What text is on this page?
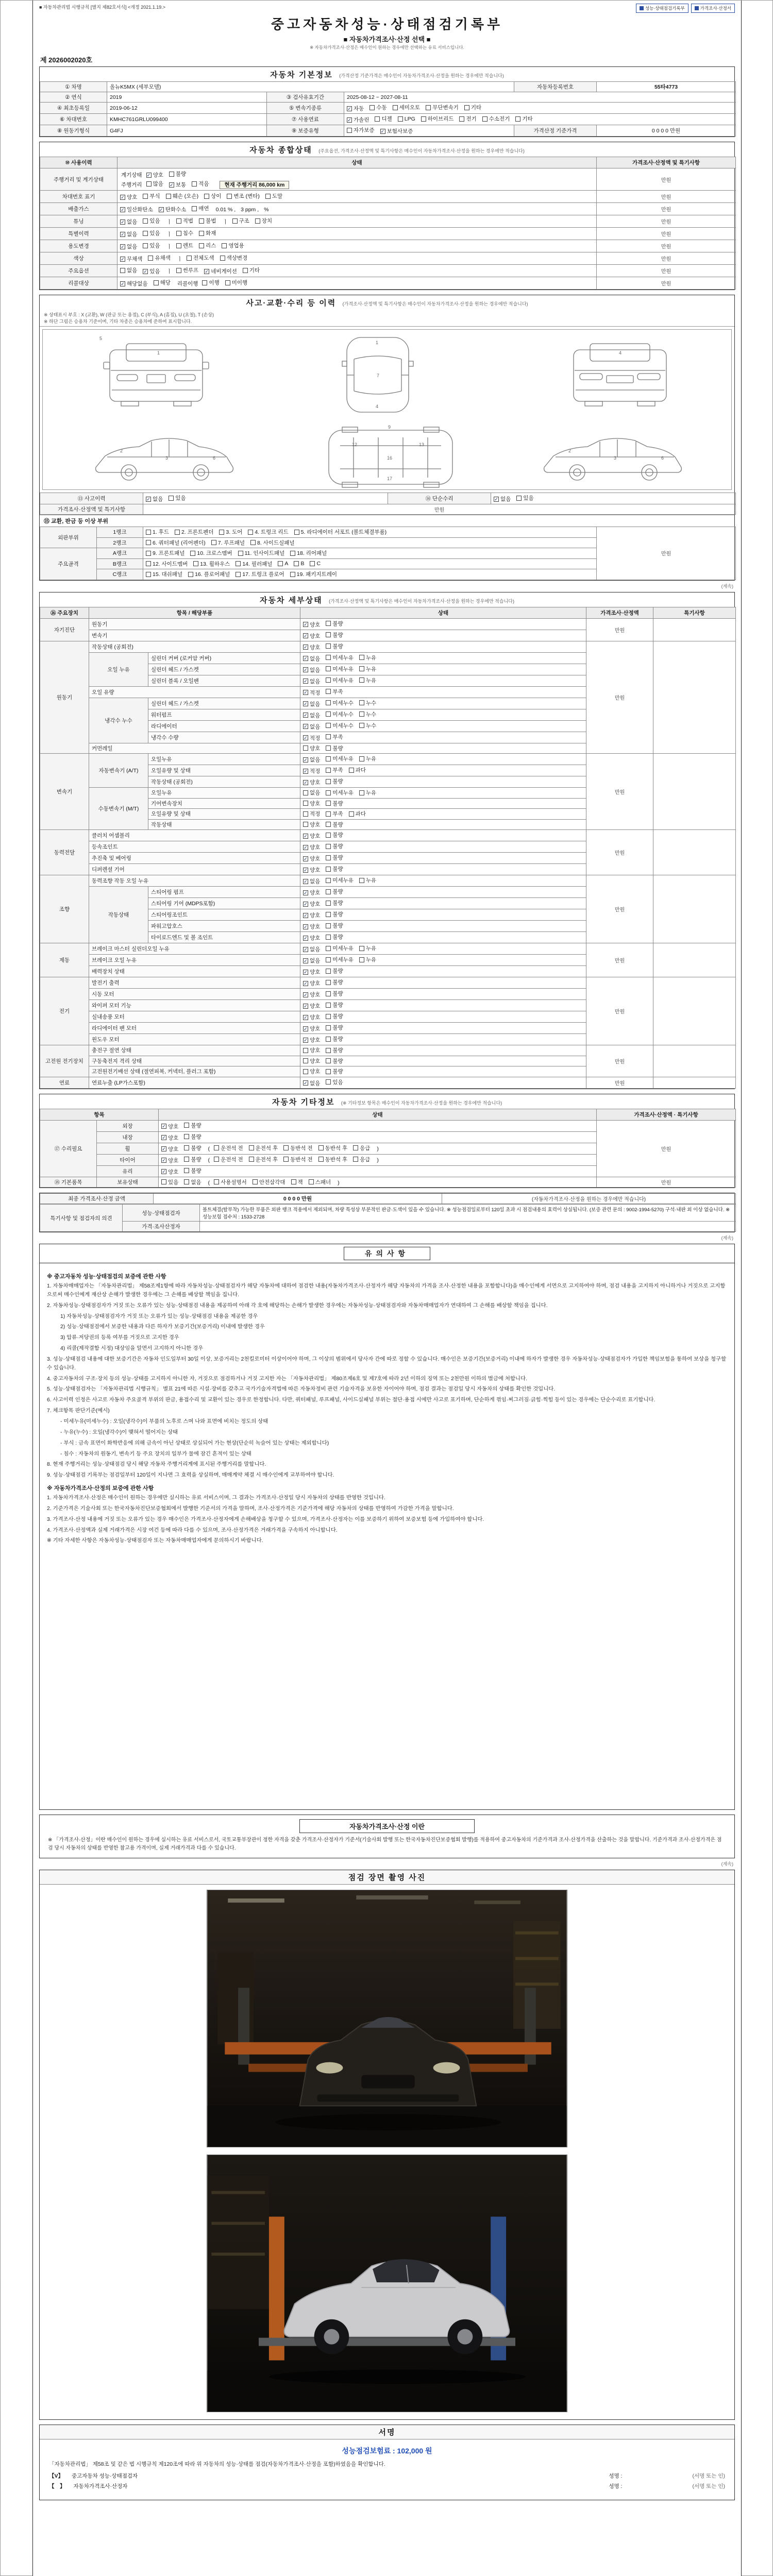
■ 자동차관리법 시행규칙 [별지 제82호서식] <개정 2021.1.19.>	성능·상태점검기록부	가격조사·산정서
중고자동차성능·상태점검기록부
■ 자동차가격조사·산정 선택 ■
※ 자동차가격조사·산정은 매수인이 원하는 경우에만 선택하는 유료 서비스입니다.
제 2026002020호
자동차 기본정보 (가격산정 기준가격은 매수인이 자동차가격조사·산정을 원하는 경우에만 적습니다)
① 차명	올뉴K5MX (세부모델)			자동차등록번호	55타4773
② 연식	2019	③ 검사유효기간	2025-08-12 ~ 2027-08-11		
④ 최초등록일	2019-06-12	⑤ 변속기종류	✓ 자동 수동 세미오토 무단변속기 기타

⑥ 차대번호	KMHC761GRLU099400	⑦ 사용연료	✓ 가솔린 디젤 LPG 하이브리드 전기 수소전기 기타

⑧ 원동기형식	G4FJ	⑨ 보증유형	자가보증 ✓ 보험사보증	가격산정 기준가격	0 0 0 0 만원
자동차 종합상태 (주요옵션, 가격조사·산정액 및 특기사항은 매수인이 자동차가격조사·산정을 원하는 경우에만 적습니다)
⑩ 사용이력	상태	가격조사·산정액 및 특기사항
주행거리 및 계기상태	
계기상태 ✓ 양호 불량
주행거리 많음 ✓ 보통 적음	현재 주행거리 86,000 km
	만원
차대번호 표기	✓ 양호 부식 훼손 (오손) 상이 변조 (변타) 도말	만원
배출가스	✓ 일산화탄소 ✓ 탄화수소 매연 0.01 % , 3 ppm , %	만원
튜닝	✓ 없음 있음 ㅣ 적법 불법 ㅣ 구조 장치	만원
특별이력	✓ 없음 있음 ㅣ 침수 화재	만원
용도변경	✓ 없음 있음 ㅣ 렌트 리스 영업용	만원
색상	✓ 무채색 유채색 ㅣ 전체도색 색상변경	만원
주요옵션	없음 ✓ 있음 ㅣ 썬루프 ✓ 네비게이션 기타	만원
리콜대상	✓ 해당없음 해당 리콜이행 이행 미이행	만원
사고·교환·수리 등 이력 (가격조사·산정액 및 특기사항은 매수인이 자동차가격조사·산정을 원하는 경우에만 적습니다)
※ 상태표시 부호 : X (교환), W (판금 또는 용접), C (부식), A (흠집), U (요철), T (손상)
※ 하단 그림은 승용차 기준이며, 기타 차종은 승용차에 준하여 표시합니다.
1
5
1
7
4
4
2
3	6
9
12
16
17
13
2
3	6
⑬ 사고이력	✓ 없음 있음	⑭ 단순수리	✓ 없음 있음

가격조사·산정액 및 특기사항	만원		
⑮ 교환, 판금 등 이상 부위
외판부위	1랭크	1. 후드 2. 프론트펜더 3. 도어 4. 트렁크 리드 5. 라디에이터 서포트 (볼트체결부품)	만원
	2랭크	6. 쿼터패널 (리어펜더) 7. 루프패널 8. 사이드실패널	

주요골격	A랭크	9. 프론트패널 10. 크로스멤버 11. 인사이드패널 18. 리어패널	

B랭크	12. 사이드멤버 13. 휠하우스 14. 필러패널 A B C

	C랭크	15. 대쉬패널 16. 플로어패널 17. 트렁크 플로어 19. 패키지트레이	
(계속)
자동차 세부상태 (가격조사·산정액 및 특기사항은 매수인이 자동차가격조사·산정을 원하는 경우에만 적습니다)
⑯ 주요장치	항목 / 해당부품		상태	가격조사·산정액	특기사항
자기진단	원동기		✓ 양호 불량	만원	
	변속기		✓ 양호 불량		

원동기	작동상태 (공회전)		✓ 양호 불량	만원	
	오일 누유	실린더 커버 (로커암 커버)	✓ 없음 미세누유 누유		

		실린더 헤드 / 가스켓	✓ 없음 미세누유 누유		

		실린더 블록 / 오일팬	✓ 없음 미세누유 누유		

	오일 유량		✓ 적정 부족		

	냉각수 누수	실린더 헤드 / 가스켓	✓ 없음 미세누수 누수		

		워터펌프	✓ 없음 미세누수 누수		

		라디에이터	✓ 없음 미세누수 누수		

		냉각수 수량	✓ 적정 부족		

	커먼레일		양호 불량		

변속기	자동변속기 (A/T)	오일누유	✓ 없음 미세누유 누유	만원	
		오일유량 및 상태	✓ 적정 부족 과다		

		작동상태 (공회전)	✓ 양호 불량		

	수동변속기 (M/T)	오일누유	없음 미세누유 누유		

		기어변속장치	양호 불량		

		오일유량 및 상태	적정 부족 과다		

		작동상태	양호 불량		

동력전달	클러치 어셈블리		✓ 양호 불량	만원	
	등속조인트		✓ 양호 불량		

	추진축 및 베어링		✓ 양호 불량		

	디퍼렌셜 기어		✓ 양호 불량		

조향	동력조향 작동 오일 누유		✓ 없음 미세누유 누유	만원	
	작동상태	스티어링 펌프	✓ 양호 불량		

		스티어링 기어 (MDPS포함)	✓ 양호 불량		

		스티어링조인트	✓ 양호 불량		

		파워고압호스	✓ 양호 불량		

		타이로드엔드 및 볼 조인트	✓ 양호 불량		

제동	브레이크 마스터 실린더오일 누유		✓ 없음 미세누유 누유	만원	
	브레이크 오일 누유		✓ 없음 미세누유 누유		

	배력장치 상태		✓ 양호 불량		

전기	발전기 출력		✓ 양호 불량	만원	
	시동 모터		✓ 양호 불량		

	와이퍼 모터 기능		✓ 양호 불량		

	실내송풍 모터		✓ 양호 불량		

	라디에이터 팬 모터		✓ 양호 불량		

	윈도우 모터		✓ 양호 불량		

고전원 전기장치	충전구 절연 상태		양호 불량	만원	
	구동축전지 격리 상태		양호 불량		

	고전원전기배선 상태 (절연피복, 커넥터, 플러그 포함)		양호 불량		

연료	연료누출 (LP가스포함)		✓ 없음 있음	만원	
자동차 기타정보 (※ 기타정보 항목은 매수인이 자동차가격조사·산정을 원하는 경우에만 적습니다)
항목		상태	가격조사·산정액 · 특기사항
⑰ 수리필요	외장	✓ 양호 불량	만원
	내장	✓ 양호 불량	

휠	✓ 양호 불량 ( 운전석 전 운전석 후 동반석 전 동반석 후 응급 )
타이어	✓ 양호 불량 ( 운전석 전 운전석 후 동반석 전 동반석 후 응급 )
	유리	✓ 양호 불량	

⑱ 기본품목	보유상태	있음 없음 ( 사용설명서 안전삼각대 잭 스패너 )	만원
최종 가격조사·산정 금액	0 0 0 0 만원	(자동차가격조사·산정을 원하는 경우에만 적습니다)
특기사항 및 점검자의 의견	성능·상태점검자	볼트체결(탈부착) 가능한 부품은 외판 랭크 적용에서 제외되며, 차량 특성상 부분적인 판금·도색이 있을 수 있습니다. ※ 성능점검일로부터 120일 초과 시 점검내용의 효력이 상실됩니다. (보증 관련 문의 : 9002-1994-5270) 구석·내판 외 이상 없습니다. ※ 성능보험 접수처 : 1533-2728
	가격·조사산정자	
(계속)
유의사항
※ 중고자동차 성능·상태점검의 보증에 관한 사항
1. 자동차매매업자는 「자동차관리법」 제58조제1항에 따라 자동차성능·상태점검자가 해당 자동차에 대하여 점검한 내용(자동차가격조사·산정자가 해당 자동차의 가격을 조사·산정한 내용을 포함합니다)을 매수인에게 서면으로 고지하여야 하며, 점검 내용을 고지하지 아니하거나 거짓으로 고지함으로써 매수인에게 재산상 손해가 발생한 경우에는 그 손해를 배상할 책임을 집니다.
2. 자동차성능·상태점검자가 거짓 또는 오류가 있는 성능·상태점검 내용을 제공하여 아래 각 호에 해당하는 손해가 발생한 경우에는 자동차성능·상태점검자와 자동차매매업자가 연대하여 그 손해를 배상할 책임을 집니다.
1) 자동차성능·상태점검자가 거짓 또는 오류가 있는 성능·상태점검 내용을 제공한 경우
2) 성능·상태점검에서 보증한 내용과 다른 하자가 보증기간(보증거리) 이내에 발생한 경우
3) 압류·저당권의 등록 여부를 거짓으로 고지한 경우
4) 리콜(제작결함 시정) 대상임을 알면서 고지하지 아니한 경우
3. 성능·상태점검 내용에 대한 보증기간은 자동차 인도일부터 30일 이상, 보증거리는 2천킬로미터 이상이어야 하며, 그 이상의 범위에서 당사자 간에 따로 정할 수 있습니다. 매수인은 보증기간(보증거리) 이내에 하자가 발생한 경우 자동차성능·상태점검자가 가입한 책임보험을 통하여 보상을 청구할 수 있습니다.
4. 중고자동차의 구조·장치 등의 성능·상태를 고지하지 아니한 자, 거짓으로 점검하거나 거짓 고지한 자는 「자동차관리법」 제80조제6호 및 제7호에 따라 2년 이하의 징역 또는 2천만원 이하의 벌금에 처합니다.
5. 성능·상태점검자는 「자동차관리법 시행규칙」 별표 21에 따른 시설·장비를 갖추고 국가기술자격법에 따른 자동차정비 관련 기술자격을 보유한 자이어야 하며, 점검 결과는 점검일 당시 자동차의 상태를 확인한 것입니다.
6. 사고이력 인정은 사고로 자동차 주요골격 부위의 판금, 용접수리 및 교환이 있는 경우로 한정합니다. 다만, 쿼터패널, 루프패널, 사이드실패널 부위는 절단·용접 시에만 사고로 표기하며, 단순하게 꺾임·찌그러짐·긁힘·찍힘 등이 있는 경우에는 단순수리로 표기합니다.
7. 체크항목 판단기준(예시)
- 미세누유(미세누수) : 오일(냉각수)이 부품의 노후로 스며 나와 표면에 비치는 정도의 상태
- 누유(누수) : 오일(냉각수)이 맺혀서 떨어지는 상태
- 부식 : 금속 표면이 화학반응에 의해 금속이 아닌 상태로 상실되어 가는 현상(단순히 녹슬어 있는 상태는 제외합니다)
- 침수 : 자동차의 원동기, 변속기 등 주요 장치의 일부가 물에 잠긴 흔적이 있는 상태
8. 현재 주행거리는 성능·상태점검 당시 해당 자동차 주행거리계에 표시된 주행거리를 말합니다.
9. 성능·상태점검 기록부는 점검일부터 120일이 지나면 그 효력을 상실하며, 매매계약 체결 시 매수인에게 교부하여야 합니다.
※ 자동차가격조사·산정의 보증에 관한 사항
1. 자동차가격조사·산정은 매수인이 원하는 경우에만 실시하는 유료 서비스이며, 그 결과는 가격조사·산정일 당시 자동차의 상태를 반영한 것입니다.
2. 기준가격은 기술사회 또는 한국자동차진단보증협회에서 발행한 기준서의 가격을 말하며, 조사·산정가격은 기준가격에 해당 자동차의 상태를 반영하여 가감한 가격을 말합니다.
3. 가격조사·산정 내용에 거짓 또는 오류가 있는 경우 매수인은 가격조사·산정자에게 손해배상을 청구할 수 있으며, 가격조사·산정자는 이를 보증하기 위하여 보증보험 등에 가입하여야 합니다.
4. 가격조사·산정액과 실제 거래가격은 시장 여건 등에 따라 다를 수 있으며, 조사·산정가격은 거래가격을 구속하지 아니합니다.
※ 기타 자세한 사항은 자동차성능·상태점검자 또는 자동차매매업자에게 문의하시기 바랍니다.
자동차가격조사·산정 이란
※ 「가격조사·산정」이란 매수인이 원하는 경우에 실시하는 유료 서비스로서, 국토교통부장관이 정한 자격을 갖춘 가격조사·산정자가 기준서(기술사회 발행 또는 한국자동차진단보증협회 발행)를 적용하여 중고자동차의 기준가격과 조사·산정가격을 산출하는 것을 말합니다. 기준가격과 조사·산정가격은 점검 당시 자동차의 상태를 반영한 참고용 가격이며, 실제 거래가격과 다를 수 있습니다.
(계속)
점검 장면 촬영 사진
서명
성능점검보험료 : 102,000 원
「자동차관리법」 제58조 및 같은 법 시행규칙 제120조에 따라 위 자동차의 성능·상태를 점검(자동차가격조사·산정을 포함)하였음을 확인합니다.
【V】 중고자동차 성능·상태점검자	성명 :	(서명 또는 인)
【　】 자동차가격조사·산정자	성명 :	(서명 또는 인)
